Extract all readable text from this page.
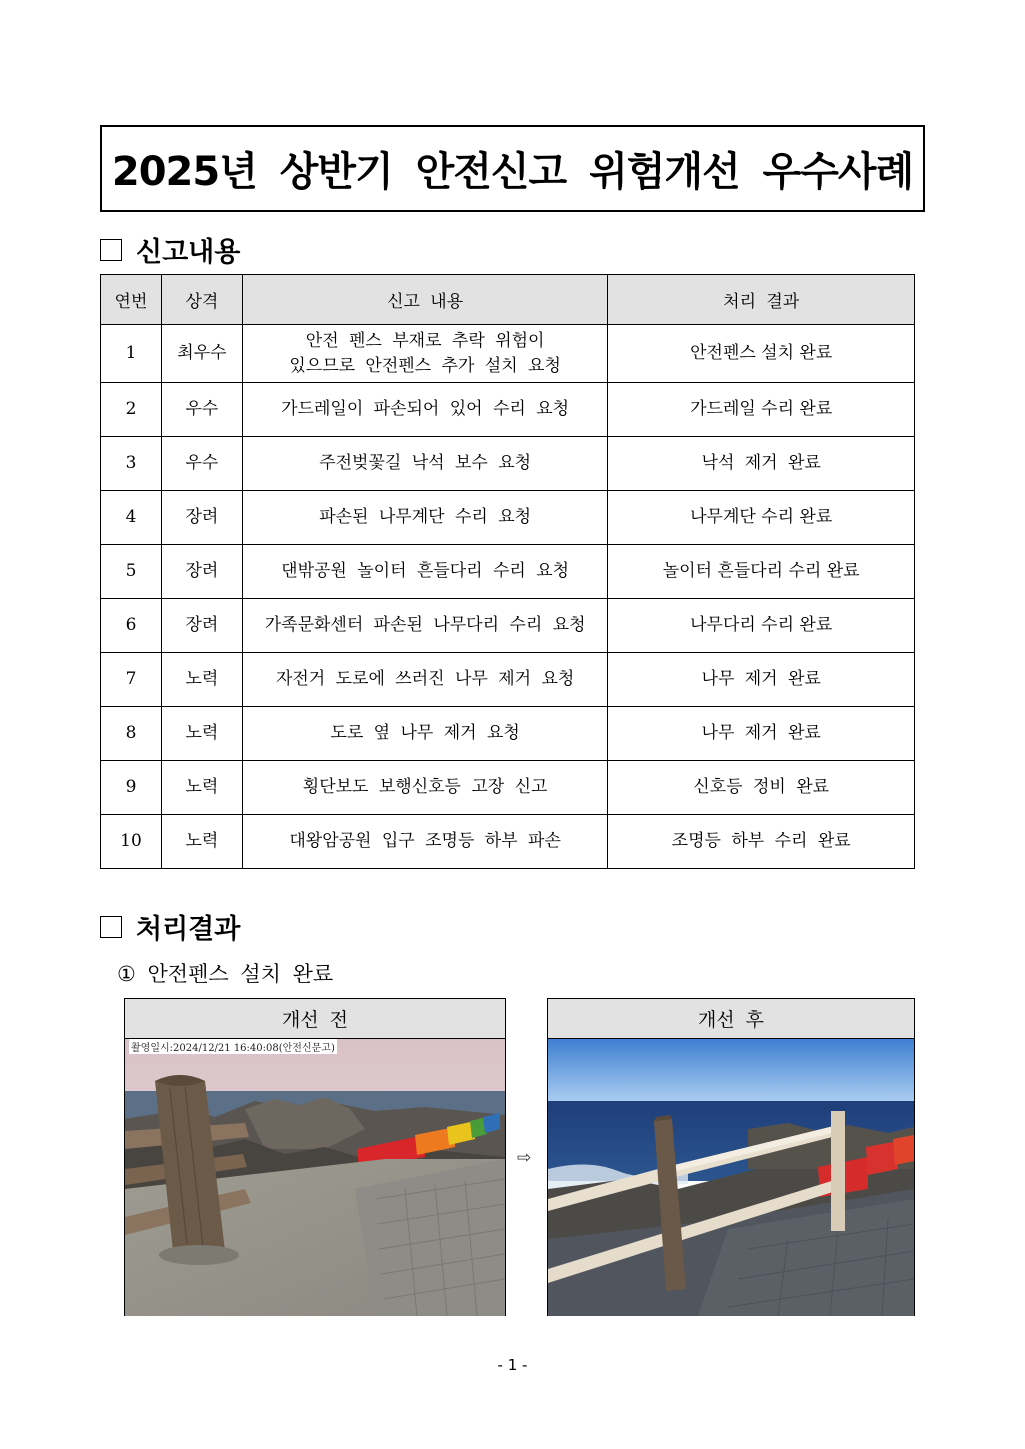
2025년 상반기 안전신고 위험개선 우수사례
신고내용
연번	상격	신고 내용	처리 결과
1	최우수	안전 펜스 부재로 추락 위험이
있으므로 안전펜스 추가 설치 요청	안전펜스 설치 완료
2	우수	가드레일이 파손되어 있어 수리 요청	가드레일 수리 완료
3	우수	주전벚꽃길 낙석 보수 요청	낙석 제거 완료
4	장려	파손된 나무계단 수리 요청	나무계단 수리 완료
5	장려	댄밖공원 놀이터 흔들다리 수리 요청	놀이터 흔들다리 수리 완료
6	장려	가족문화센터 파손된 나무다리 수리 요청	나무다리 수리 완료
7	노력	자전거 도로에 쓰러진 나무 제거 요청	나무 제거 완료
8	노력	도로 옆 나무 제거 요청	나무 제거 완료
9	노력	횡단보도 보행신호등 고장 신고	신호등 정비 완료
10	노력	대왕암공원 입구 조명등 하부 파손	조명등 하부 수리 완료
처리결과
① 안전펜스 설치 완료
개선 전
촬영일시:2024/12/21 16:40:08(안전신문고)
⇨
개선 후
- 1 -
